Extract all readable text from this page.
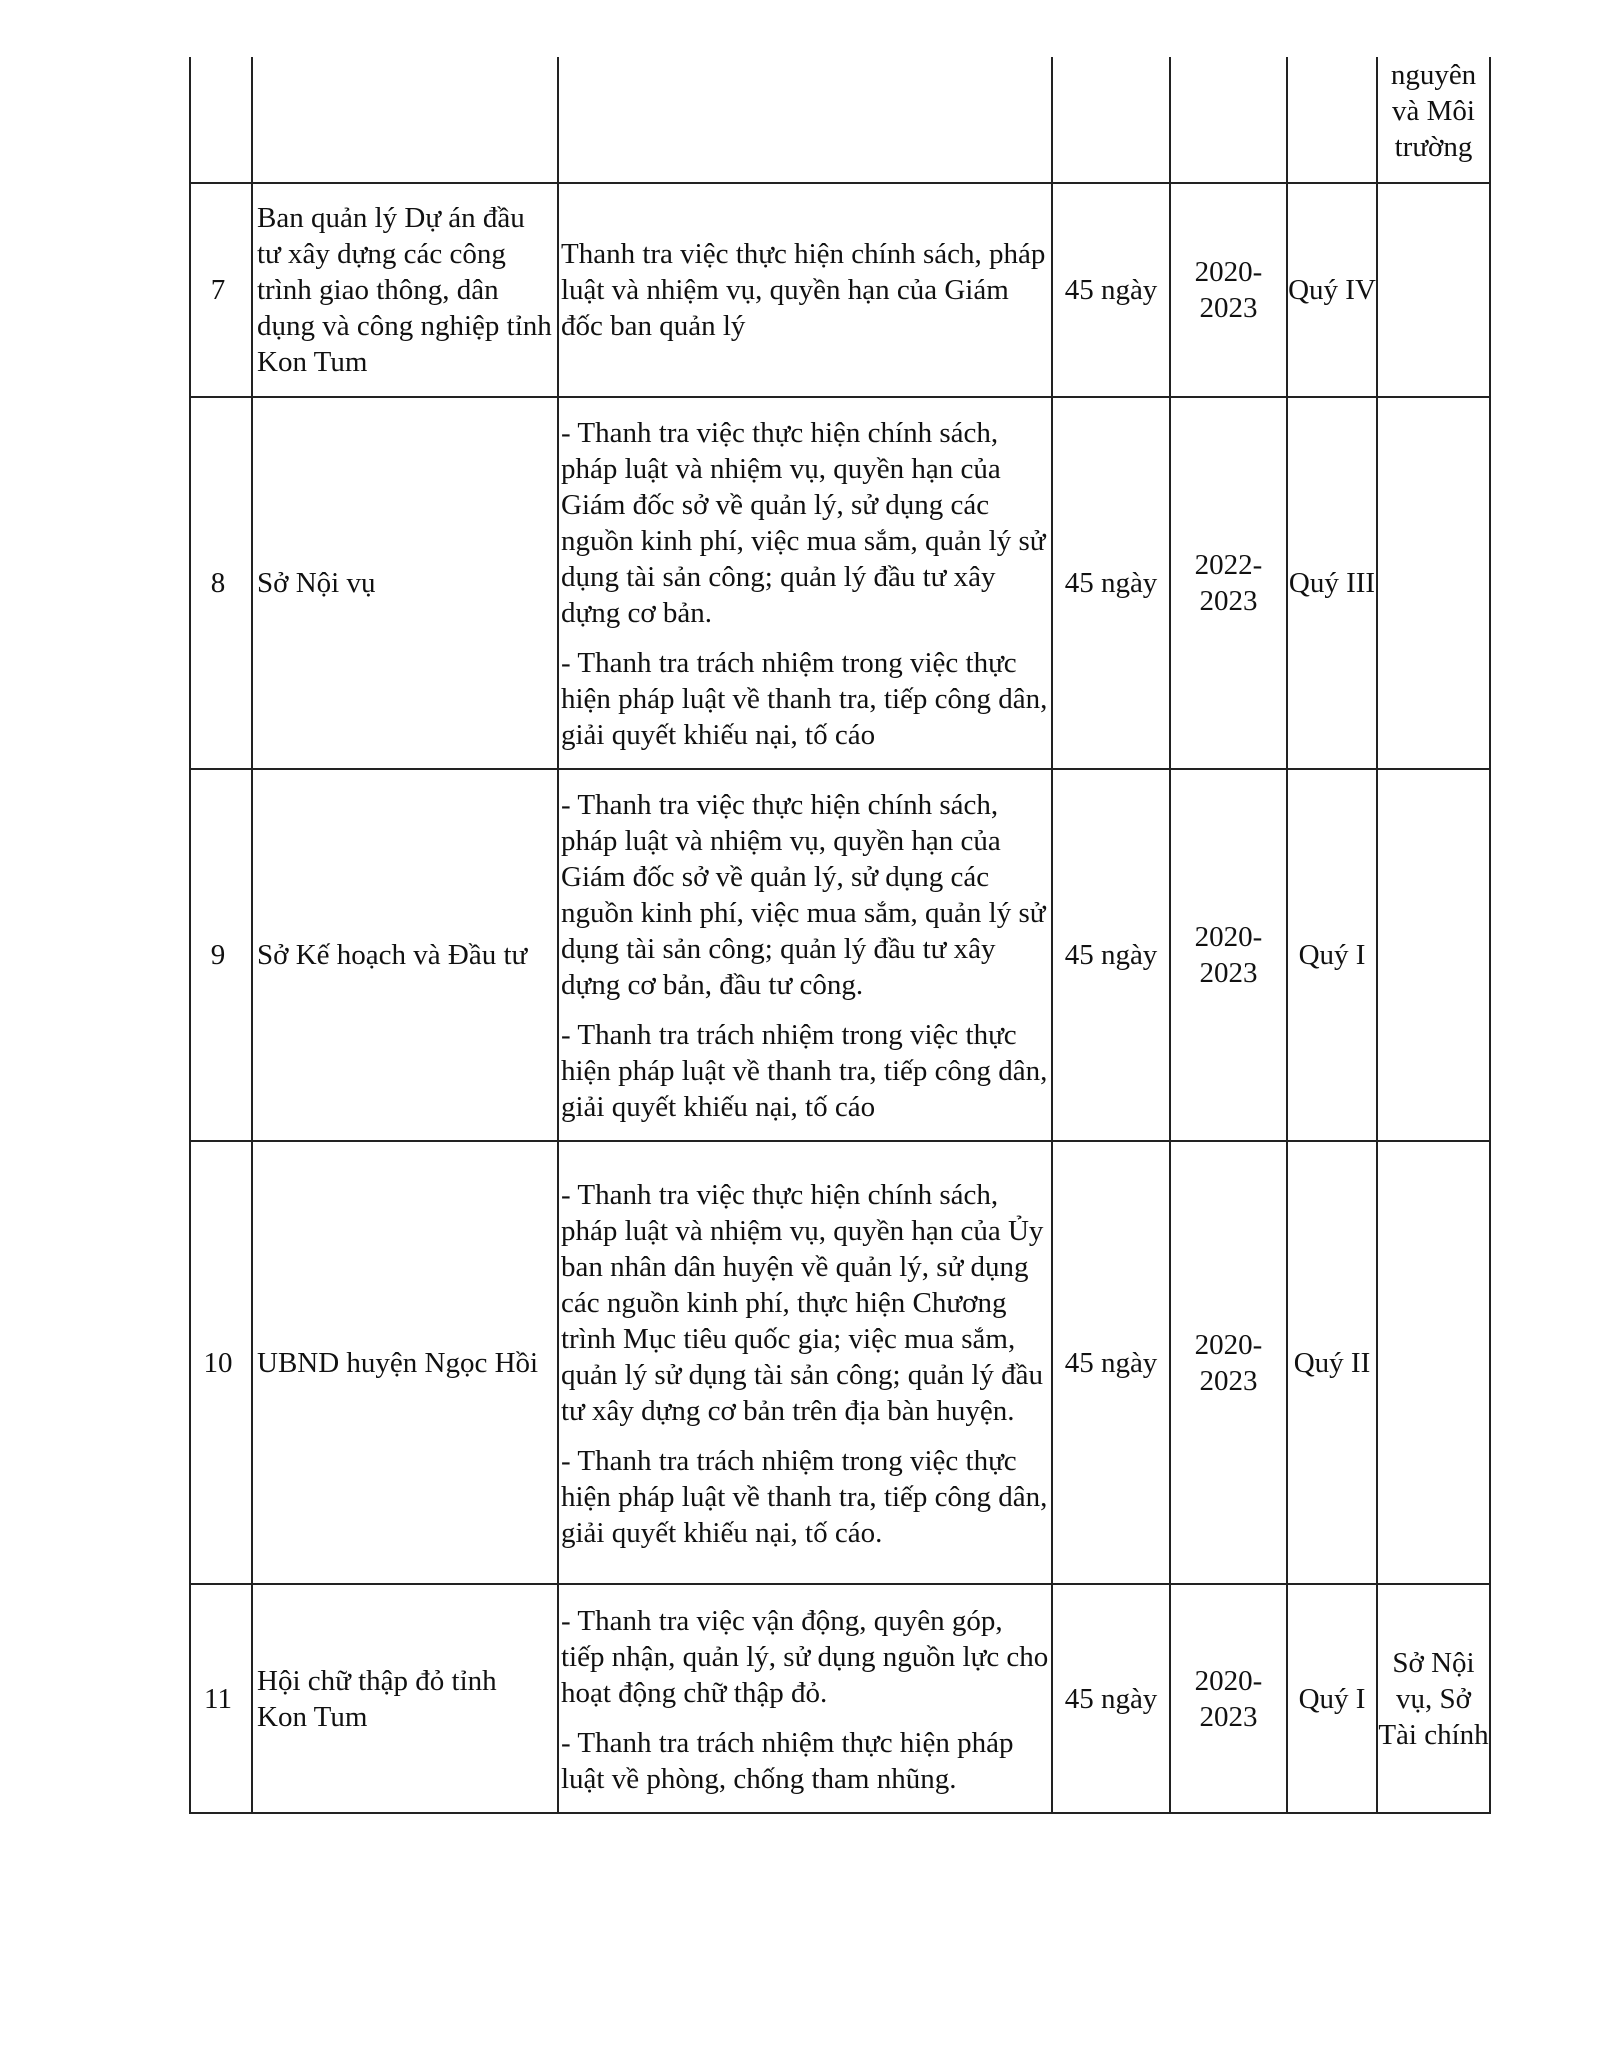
						nguyên và Môi trường
7	Ban quản lý Dự án đầu tư xây dựng các công trình giao thông, dân dụng và công nghiệp tỉnh Kon Tum	Thanh tra việc thực hiện chính sách, pháp luật và nhiệm vụ, quyền hạn của Giám đốc ban quản lý	45 ngày	2020-2023	Quý IV	
8	Sở Nội vụ	- Thanh tra việc thực hiện chính sách, pháp luật và nhiệm vụ, quyền hạn của Giám đốc sở về quản lý, sử dụng các nguồn kinh phí, việc mua sắm, quản lý sử dụng tài sản công; quản lý đầu tư xây dựng cơ bản.
- Thanh tra trách nhiệm trong việc thực hiện pháp luật về thanh tra, tiếp công dân, giải quyết khiếu nại, tố cáo	45 ngày	2022-2023	Quý III	
9	Sở Kế hoạch và Đầu tư	- Thanh tra việc thực hiện chính sách, pháp luật và nhiệm vụ, quyền hạn của Giám đốc sở về quản lý, sử dụng các nguồn kinh phí, việc mua sắm, quản lý sử dụng tài sản công; quản lý đầu tư xây dựng cơ bản, đầu tư công.
- Thanh tra trách nhiệm trong việc thực hiện pháp luật về thanh tra, tiếp công dân, giải quyết khiếu nại, tố cáo	45 ngày	2020-2023	Quý I	
10	UBND huyện Ngọc Hồi	- Thanh tra việc thực hiện chính sách, pháp luật và nhiệm vụ, quyền hạn của Ủy ban nhân dân huyện về quản lý, sử dụng các nguồn kinh phí, thực hiện Chương trình Mục tiêu quốc gia; việc mua sắm, quản lý sử dụng tài sản công; quản lý đầu tư xây dựng cơ bản trên địa bàn huyện.
- Thanh tra trách nhiệm trong việc thực hiện pháp luật về thanh tra, tiếp công dân, giải quyết khiếu nại, tố cáo.	45 ngày	2020-2023	Quý II	
11	Hội chữ thập đỏ tỉnh Kon Tum	- Thanh tra việc vận động, quyên góp, tiếp nhận, quản lý, sử dụng nguồn lực cho hoạt động chữ thập đỏ.
- Thanh tra trách nhiệm thực hiện pháp luật về phòng, chống tham nhũng.	45 ngày	2020-2023	Quý I	Sở Nội vụ, Sở Tài chính
